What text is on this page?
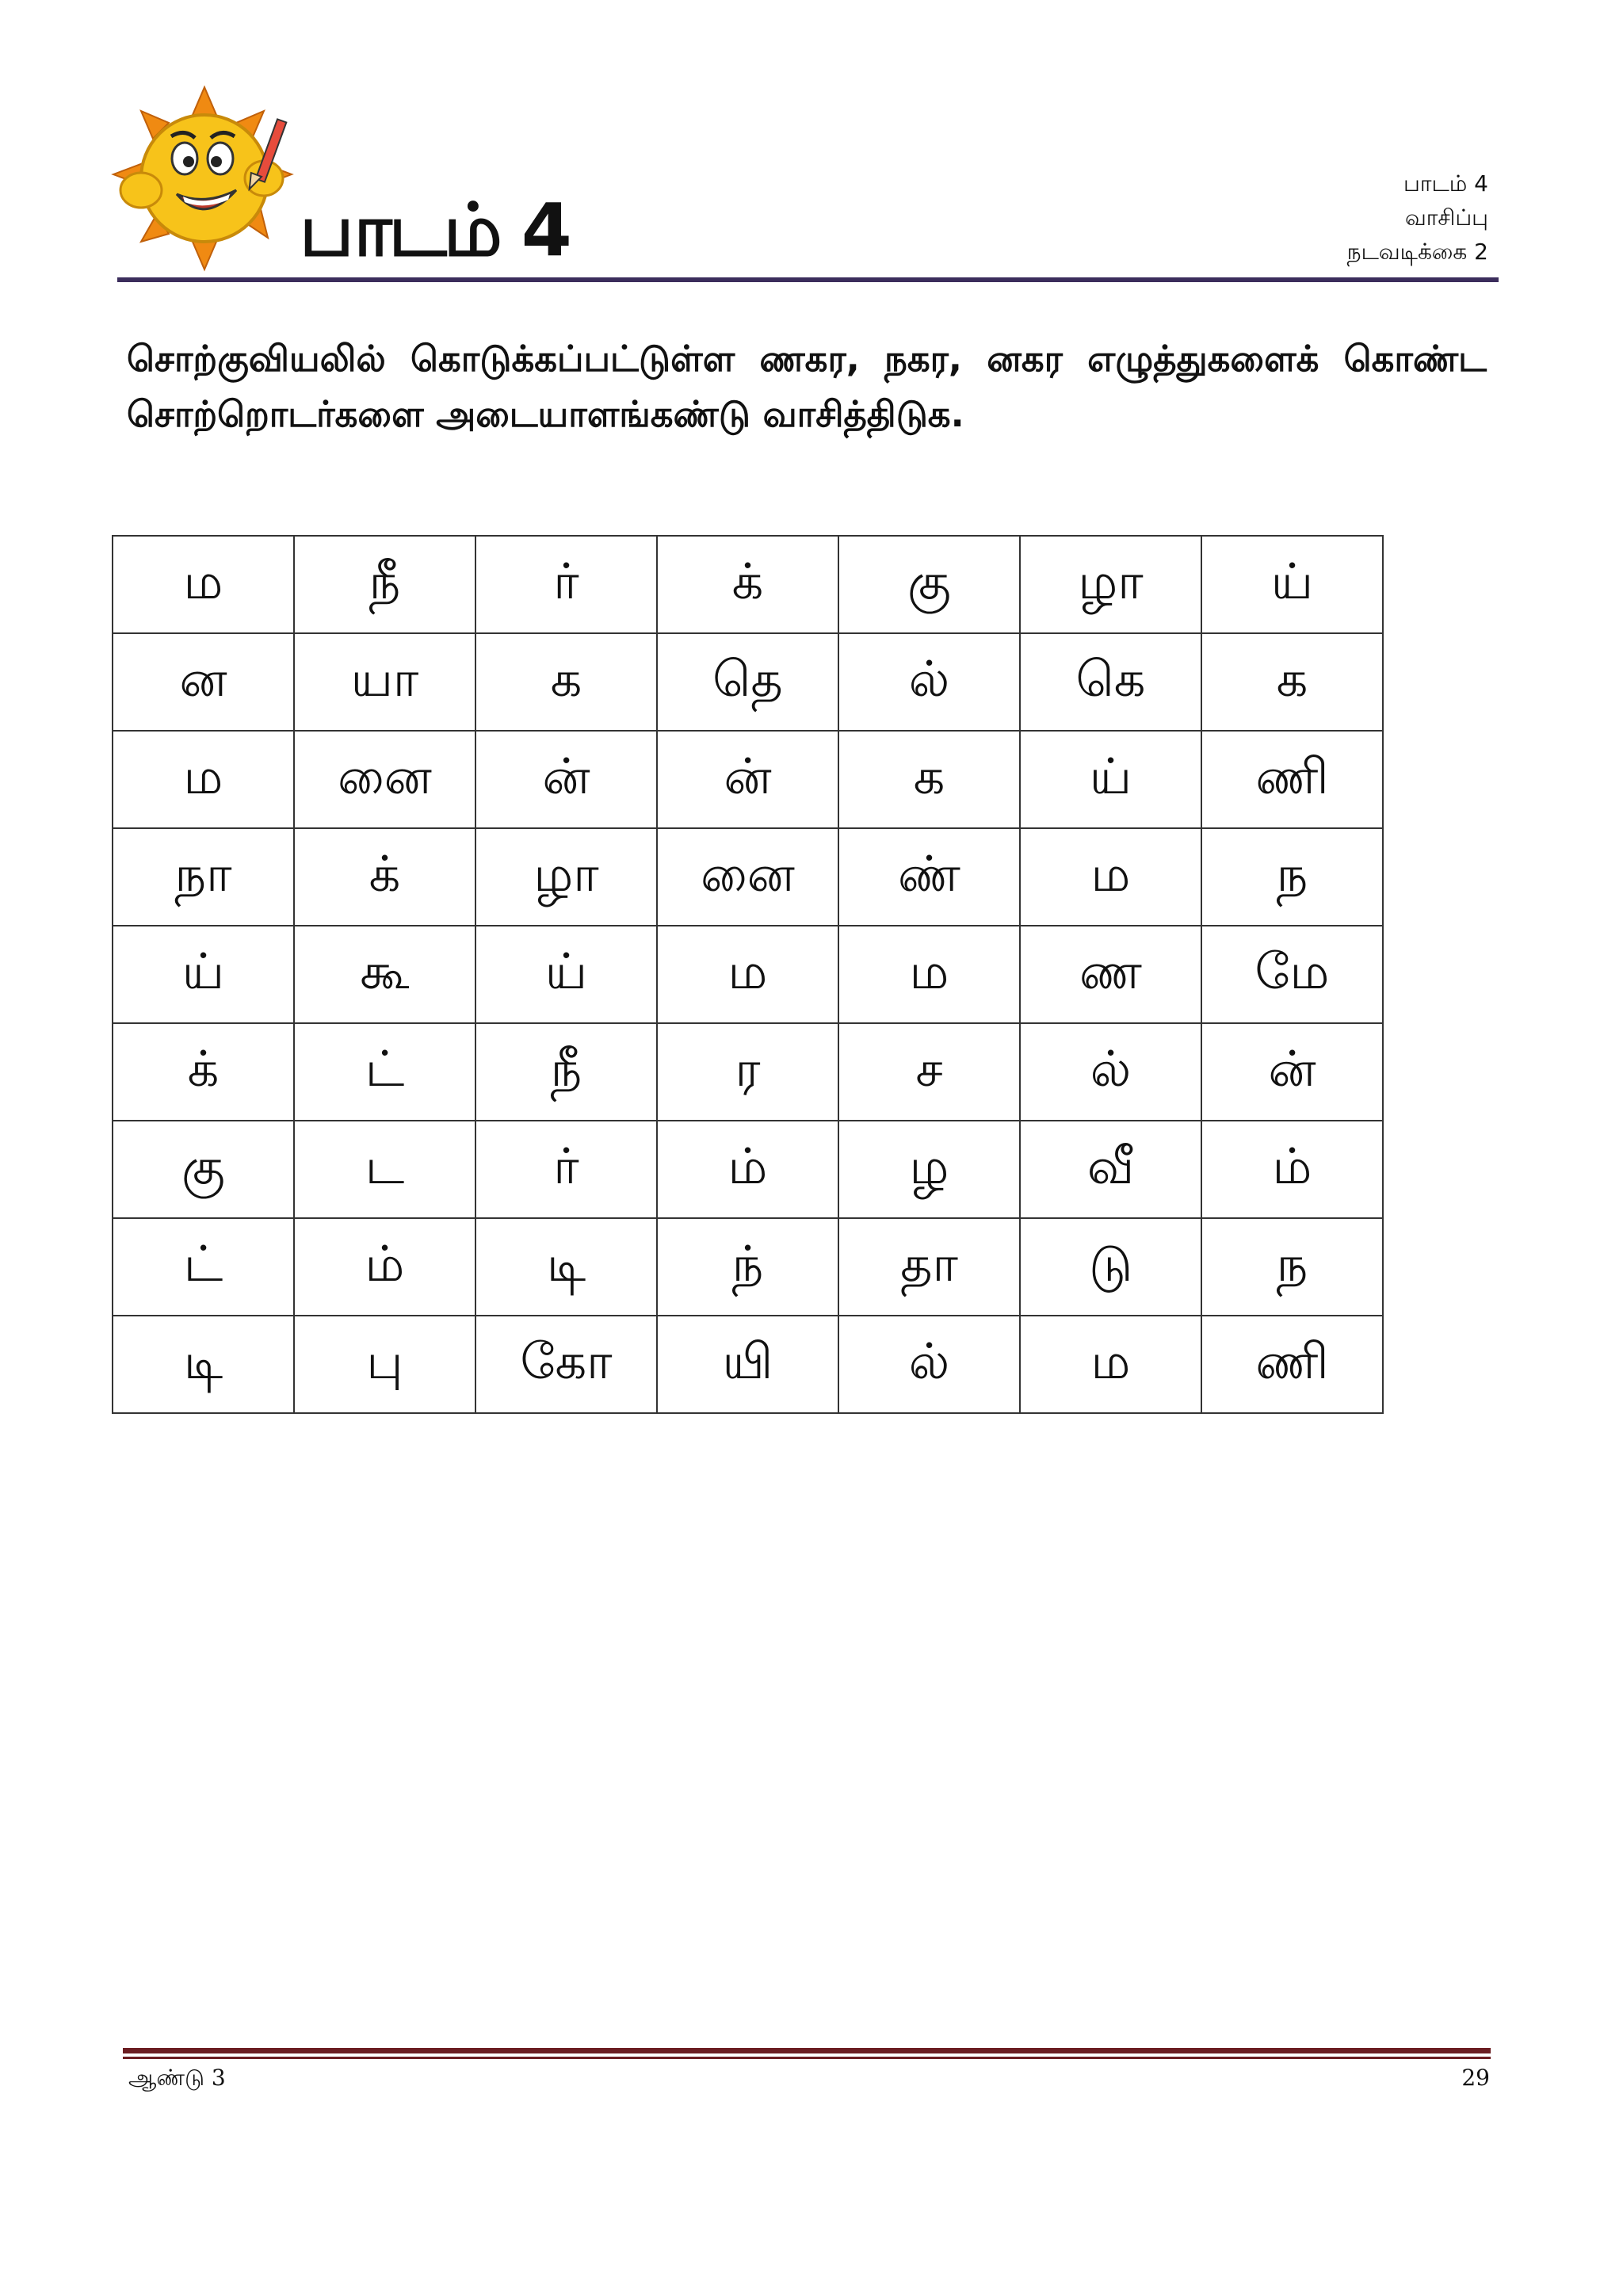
பாடம் 4
பாடம் 4
வாசிப்பு
நடவடிக்கை 2
சொற்குவியலில் கொடுக்கப்பட்டுள்ள ணகர, நகர, னகர எழுத்துகளைக் கொண்ட சொற்றொடர்களை அடையாளங்கண்டு வாசித்திடுக.
ம	நீ	ர்	க்	கு	ழா	ய்
ன	யா	க	தெ	ல்	கெ	க
ம	னை	ன்	ன்	க	ய்	ணி
நா	க்	ழா	னை	ண்	ம	ந
ய்	கூ	ய்	ம	ம	ண	மே
க்	ட்	நீ	ர	ச	ல்	ன்
கு	ட	ர்	ம்	ழ	வீ	ம்
ட்	ம்	டி	ந்	தா	டு	ந
டி	பு	கோ	யி	ல்	ம	ணி
ஆண்டு 3	29
